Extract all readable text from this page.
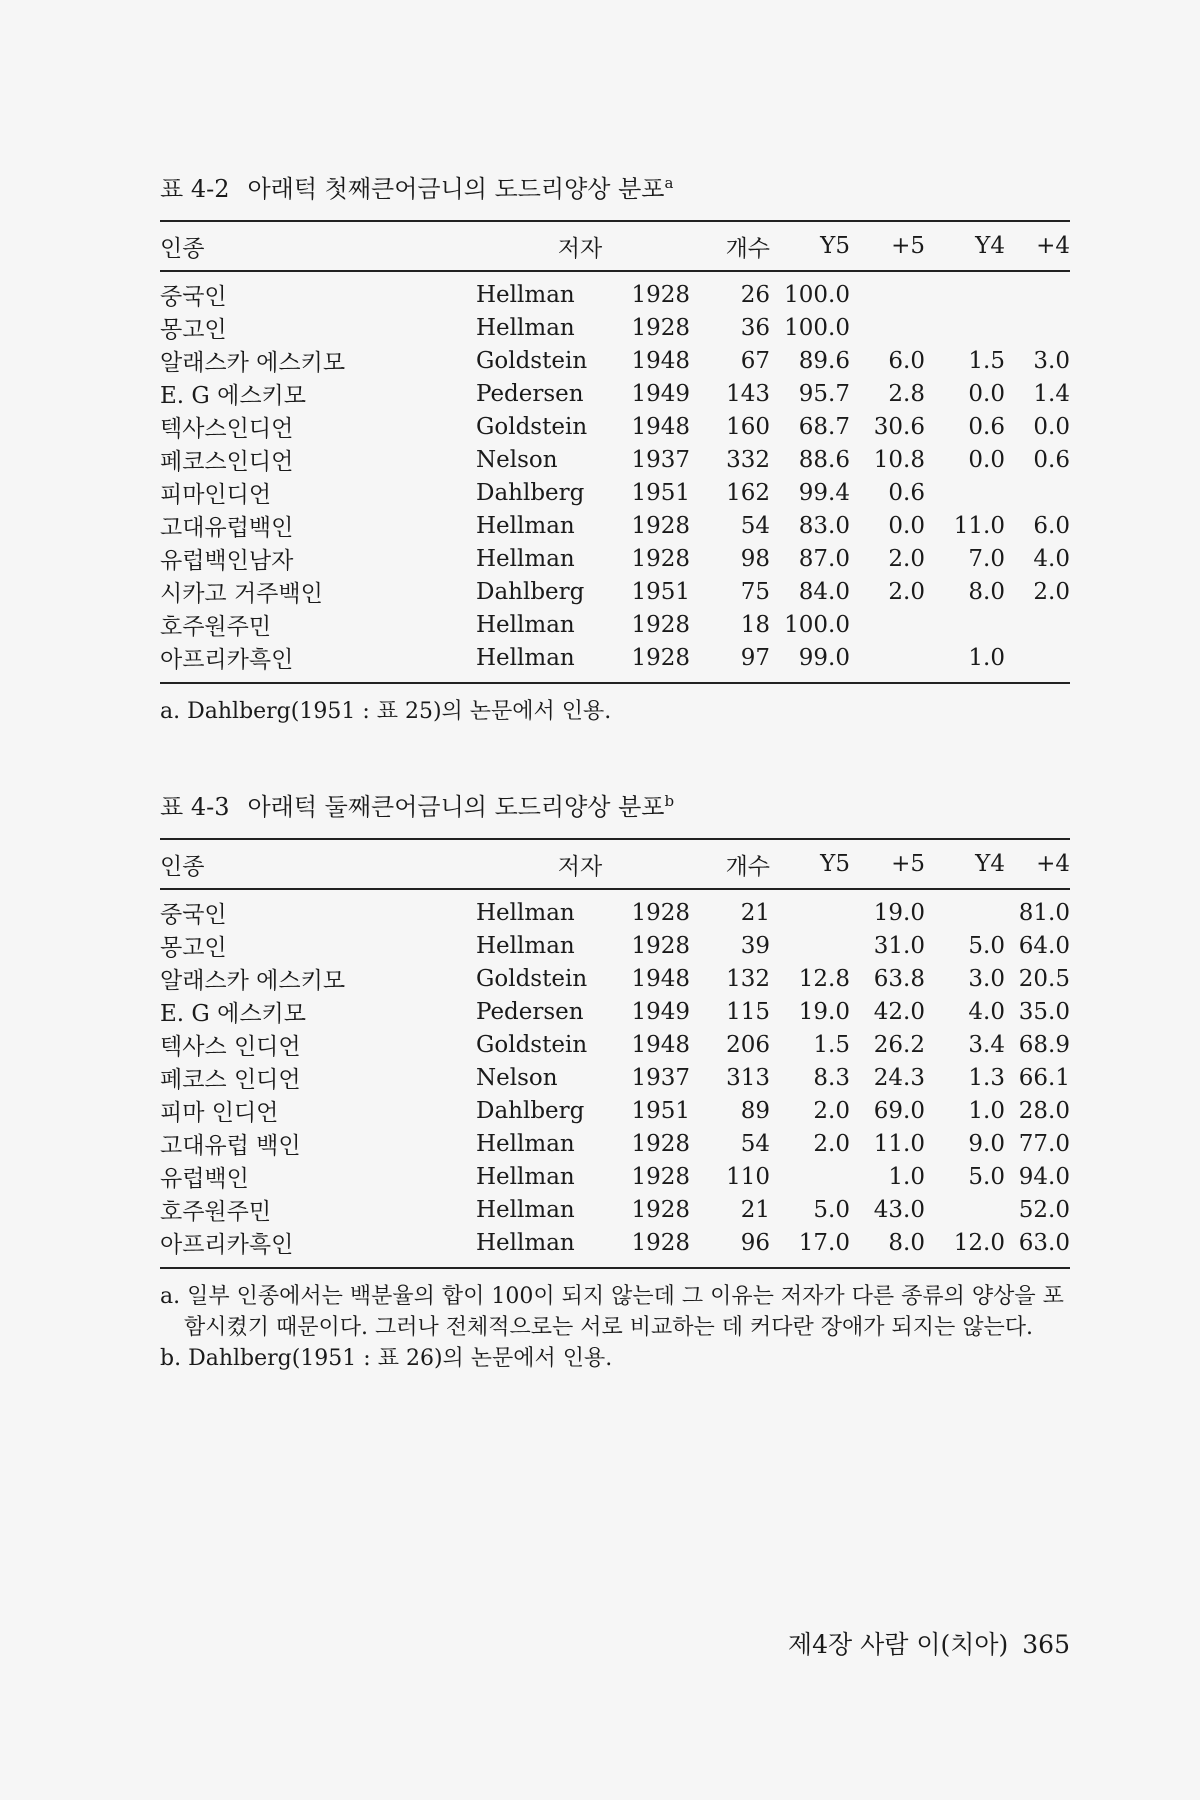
표 4-2 아래턱 첫째큰어금니의 도드리양상 분포$^a$
인종	저자		개수	Y5	+5	Y4	+4
중국인	Hellman	1928	26	100.0			
몽고인	Hellman	1928	36	100.0			
알래스카 에스키모	Goldstein	1948	67	89.6	6.0	1.5	3.0
E. G 에스키모	Pedersen	1949	143	95.7	2.8	0.0	1.4
텍사스인디언	Goldstein	1948	160	68.7	30.6	0.6	0.0
페코스인디언	Nelson	1937	332	88.6	10.8	0.0	0.6
피마인디언	Dahlberg	1951	162	99.4	0.6		
고대유럽백인	Hellman	1928	54	83.0	0.0	11.0	6.0
유럽백인남자	Hellman	1928	98	87.0	2.0	7.0	4.0
시카고 거주백인	Dahlberg	1951	75	84.0	2.0	8.0	2.0
호주원주민	Hellman	1928	18	100.0			
아프리카흑인	Hellman	1928	97	99.0		1.0	

a. Dahlberg(1951 : 표 25)의 논문에서 인용.

표 4-3 아래턱 둘째큰어금니의 도드리양상 분포$^b$
인종	저자		개수	Y5	+5	Y4	+4
중국인	Hellman	1928	21		19.0		81.0
몽고인	Hellman	1928	39		31.0	5.0	64.0
알래스카 에스키모	Goldstein	1948	132	12.8	63.8	3.0	20.5
E. G 에스키모	Pedersen	1949	115	19.0	42.0	4.0	35.0
텍사스 인디언	Goldstein	1948	206	1.5	26.2	3.4	68.9
페코스 인디언	Nelson	1937	313	8.3	24.3	1.3	66.1
피마 인디언	Dahlberg	1951	89	2.0	69.0	1.0	28.0
고대유럽 백인	Hellman	1928	54	2.0	11.0	9.0	77.0
유럽백인	Hellman	1928	110		1.0	5.0	94.0
호주원주민	Hellman	1928	21	5.0	43.0		52.0
아프리카흑인	Hellman	1928	96	17.0	8.0	12.0	63.0

a. 일부 인종에서는 백분율의 합이 100이 되지 않는데 그 이유는 저자가 다른 종류의 양상을 포함시켰기 때문이다. 그러나 전체적으로는 서로 비교하는 데 커다란 장애가 되지는 않는다.

b. Dahlberg(1951 : 표 26)의 논문에서 인용.

제4장 사람 이(치아) 365
